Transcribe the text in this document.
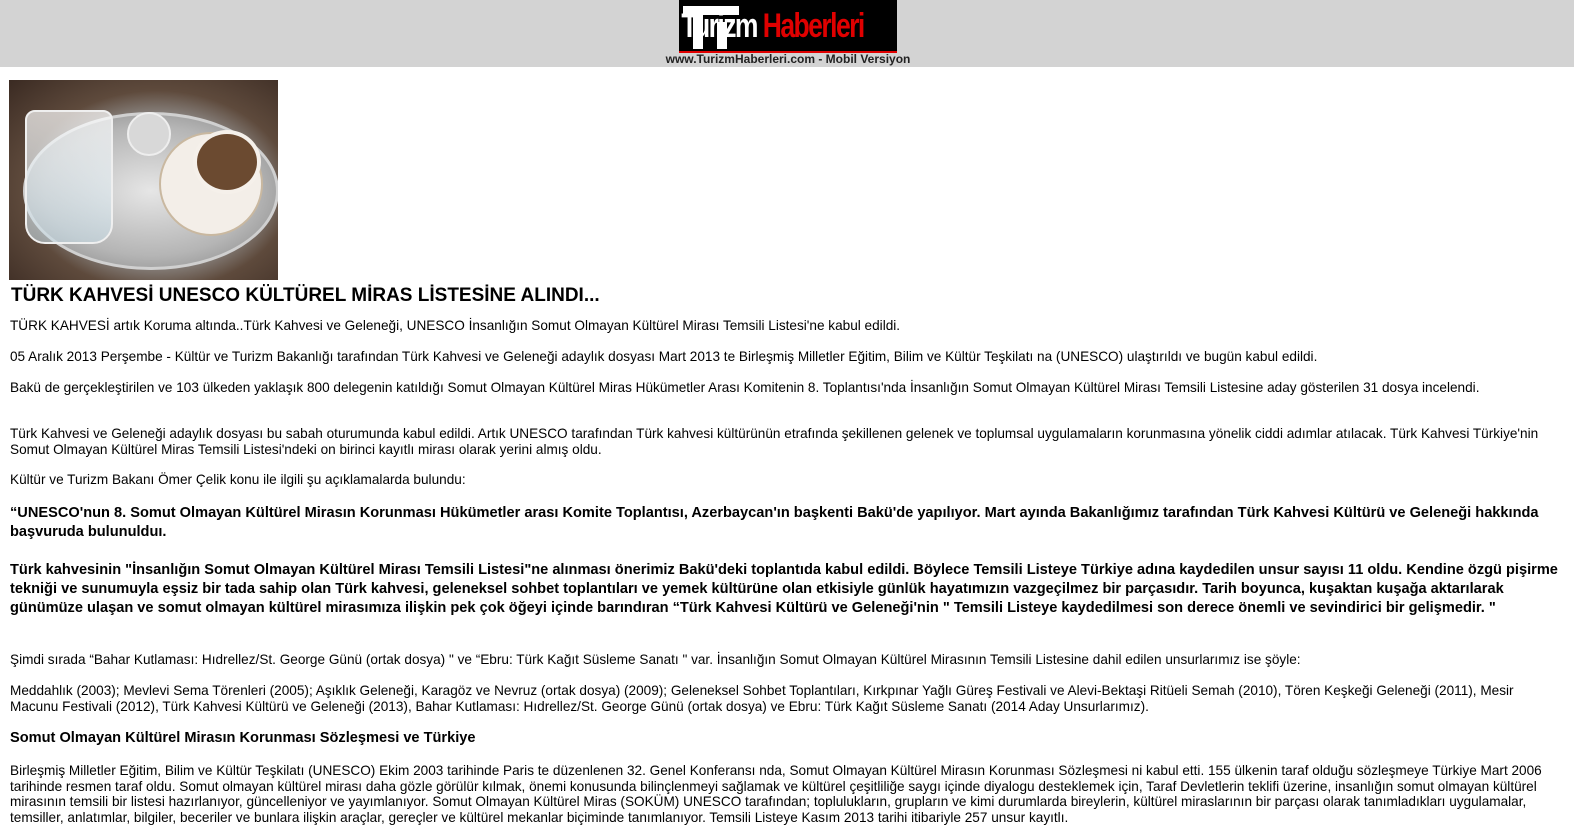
Turizm Haberleri
www.TurizmHaberleri.com - Mobil Versiyon
TÜRK KAHVESİ UNESCO KÜLTÜREL MİRAS LİSTESİNE ALINDI...

TÜRK KAHVESİ artık Koruma altında..Türk Kahvesi ve Geleneği, UNESCO İnsanlığın Somut Olmayan Kültürel Mirası Temsili Listesi'ne kabul edildi.

05 Aralık 2013 Perşembe - Kültür ve Turizm Bakanlığı tarafından Türk Kahvesi ve Geleneği adaylık dosyası Mart 2013 te Birleşmiş Milletler Eğitim, Bilim ve Kültür Teşkilatı na (UNESCO) ulaştırıldı ve bugün kabul edildi.

Bakü de gerçekleştirilen ve 103 ülkeden yaklaşık 800 delegenin katıldığı Somut Olmayan Kültürel Miras Hükümetler Arası Komitenin 8. Toplantısı'nda İnsanlığın Somut Olmayan Kültürel Mirası Temsili Listesine aday gösterilen 31 dosya incelendi.

Türk Kahvesi ve Geleneği adaylık dosyası bu sabah oturumunda kabul edildi. Artık UNESCO tarafından Türk kahvesi kültürünün etrafında şekillenen gelenek ve toplumsal uygulamaların korunmasına yönelik ciddi adımlar atılacak. Türk Kahvesi Türkiye'nin Somut Olmayan Kültürel Miras Temsili Listesi'ndeki on birinci kayıtlı mirası olarak yerini almış oldu.

Kültür ve Turizm Bakanı Ömer Çelik konu ile ilgili şu açıklamalarda bulundu:

“UNESCO'nun 8. Somut Olmayan Kültürel Mirasın Korunması Hükümetler arası Komite Toplantısı, Azerbaycan'ın başkenti Bakü'de yapılıyor. Mart ayında Bakanlığımız tarafından Türk Kahvesi Kültürü ve Geleneği hakkında başvuruda bulunulduı.

Türk kahvesinin "İnsanlığın Somut Olmayan Kültürel Mirası Temsili Listesi"ne alınması önerimiz Bakü'deki toplantıda kabul edildi. Böylece Temsili Listeye Türkiye adına kaydedilen unsur sayısı 11 oldu. Kendine özgü pişirme tekniği ve sunumuyla eşsiz bir tada sahip olan Türk kahvesi, geleneksel sohbet toplantıları ve yemek kültürüne olan etkisiyle günlük hayatımızın vazgeçilmez bir parçasıdır. Tarih boyunca, kuşaktan kuşağa aktarılarak günümüze ulaşan ve somut olmayan kültürel mirasımıza ilişkin pek çok öğeyi içinde barındıran “Türk Kahvesi Kültürü ve Geleneği'nin " Temsili Listeye kaydedilmesi son derece önemli ve sevindirici bir gelişmedir. "

Şimdi sırada “Bahar Kutlaması: Hıdrellez/St. George Günü (ortak dosya) " ve “Ebru: Türk Kağıt Süsleme Sanatı " var. İnsanlığın Somut Olmayan Kültürel Mirasının Temsili Listesine dahil edilen unsurlarımız ise şöyle:

Meddahlık (2003); Mevlevi Sema Törenleri (2005); Aşıklık Geleneği, Karagöz ve Nevruz (ortak dosya) (2009); Geleneksel Sohbet Toplantıları, Kırkpınar Yağlı Güreş Festivali ve Alevi-Bektaşi Ritüeli Semah (2010), Tören Keşkeği Geleneği (2011), Mesir Macunu Festivali (2012), Türk Kahvesi Kültürü ve Geleneği (2013), Bahar Kutlaması: Hıdrellez/St. George Günü (ortak dosya) ve Ebru: Türk Kağıt Süsleme Sanatı (2014 Aday Unsurlarımız).

Somut Olmayan Kültürel Mirasın Korunması Sözleşmesi ve Türkiye

Birleşmiş Milletler Eğitim, Bilim ve Kültür Teşkilatı (UNESCO) Ekim 2003 tarihinde Paris te düzenlenen 32. Genel Konferansı nda, Somut Olmayan Kültürel Mirasın Korunması Sözleşmesi ni kabul etti. 155 ülkenin taraf olduğu sözleşmeye Türkiye Mart 2006 tarihinde resmen taraf oldu. Somut olmayan kültürel mirası daha gözle görülür kılmak, önemi konusunda bilinçlenmeyi sağlamak ve kültürel çeşitliliğe saygı içinde diyalogu desteklemek için, Taraf Devletlerin teklifi üzerine, insanlığın somut olmayan kültürel mirasının temsili bir listesi hazırlanıyor, güncelleniyor ve yayımlanıyor. Somut Olmayan Kültürel Miras (SOKÜM) UNESCO tarafından; toplulukların, grupların ve kimi durumlarda bireylerin, kültürel miraslarının bir parçası olarak tanımladıkları uygulamalar, temsiller, anlatımlar, bilgiler, beceriler ve bunlara ilişkin araçlar, gereçler ve kültürel mekanlar biçiminde tanımlanıyor. Temsili Listeye Kasım 2013 tarihi itibariyle 257 unsur kayıtlı.
